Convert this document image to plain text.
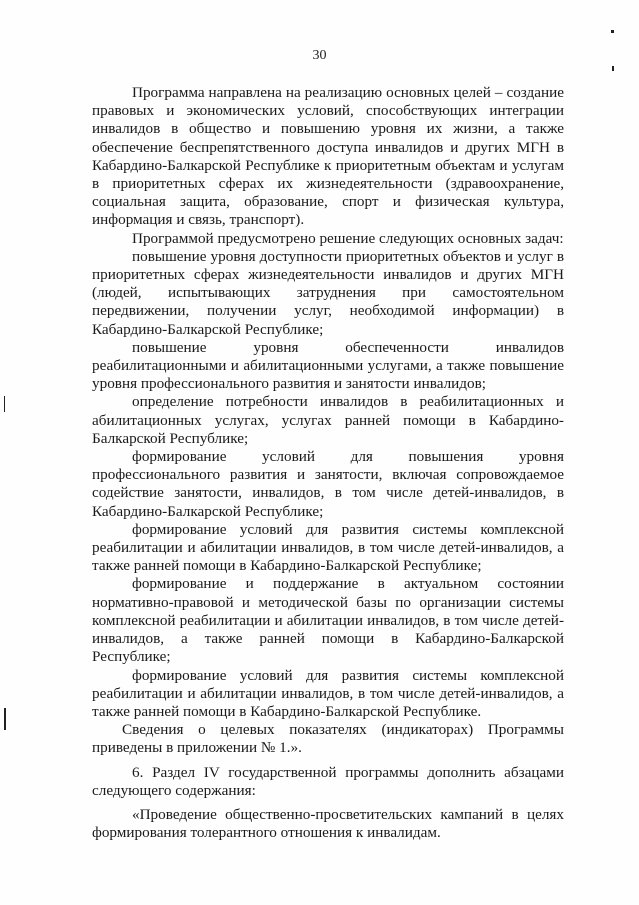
30

Программа направлена на реализацию основных целей – создание правовых и экономических условий, способствующих интеграции инвалидов в общество и повышению уровня их жизни, а также обеспечение беспрепятственного доступа инвалидов и других МГН в Кабардино-Балкарской Республике к приоритетным объектам и услугам в приоритетных сферах их жизнедеятельности (здравоохранение, социальная защита, образование, спорт и физическая культура, информация и связь, транспорт).

Программой предусмотрено решение следующих основных задач:

повышение уровня доступности приоритетных объектов и услуг в приоритетных сферах жизнедеятельности инвалидов и других МГН (людей, испытывающих затруднения при самостоятельном передвижении, получении услуг, необходимой информации) в Кабардино-Балкарской Республике;

повышение уровня обеспеченности инвалидов реабилитационными и абилитационными услугами, а также повышение уровня профессионального развития и занятости инвалидов;

определение потребности инвалидов в реабилитационных и абилитационных услугах, услугах ранней помощи в Кабардино-Балкарской Республике;

формирование условий для повышения уровня профессионального развития и занятости, включая сопровождаемое содействие занятости, инвалидов, в том числе детей-инвалидов, в Кабардино-Балкарской Республике;

формирование условий для развития системы комплексной реабилитации и абилитации инвалидов, в том числе детей-инвалидов, а также ранней помощи в Кабардино-Балкарской Республике;

формирование и поддержание в актуальном состоянии нормативно-правовой и методической базы по организации системы комплексной реабилитации и абилитации инвалидов, в том числе детей-инвалидов, а также ранней помощи в Кабардино-Балкарской Республике;

формирование условий для развития системы комплексной реабилитации и абилитации инвалидов, в том числе детей-инвалидов, а также ранней помощи в Кабардино-Балкарской Республике.

Сведения о целевых показателях (индикаторах) Программы приведены в приложении № 1.».

6. Раздел IV государственной программы дополнить абзацами следующего содержания:

«Проведение общественно-просветительских кампаний в целях формирования толерантного отношения к инвалидам.
